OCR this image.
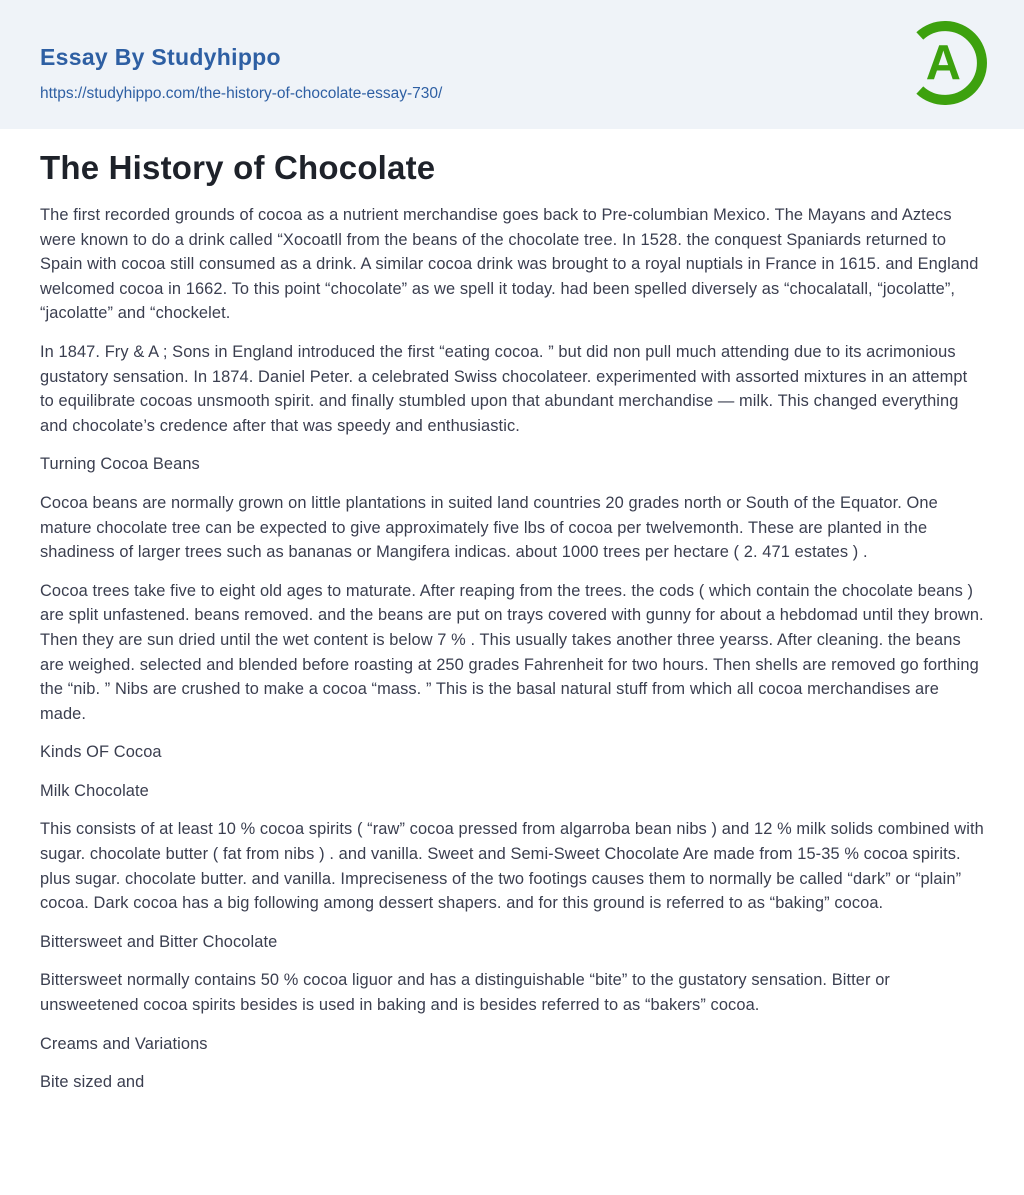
Essay By Studyhippo
https://studyhippo.com/the-history-of-chocolate-essay-730/
A
The History of Chocolate

The first recorded grounds of cocoa as a nutrient merchandise goes back to Pre-columbian Mexico. The Mayans and Aztecs were known to do a drink called “Xocoatll from the beans of the chocolate tree. In 1528. the conquest Spaniards returned to Spain with cocoa still consumed as a drink. A similar cocoa drink was brought to a royal nuptials in France in 1615. and England welcomed cocoa in 1662. To this point “chocolate” as we spell it today. had been spelled diversely as “chocalatall, “jocolatte”, “jacolatte” and “chockelet.

In 1847. Fry & A ; Sons in England introduced the first “eating cocoa. ” but did non pull much attending due to its acrimonious gustatory sensation. In 1874. Daniel Peter. a celebrated Swiss chocolateer. experimented with assorted mixtures in an attempt to equilibrate cocoas unsmooth spirit. and finally stumbled upon that abundant merchandise — milk. This changed everything and chocolate’s credence after that was speedy and enthusiastic.

Turning Cocoa Beans

Cocoa beans are normally grown on little plantations in suited land countries 20 grades north or South of the Equator. One mature chocolate tree can be expected to give approximately five lbs of cocoa per twelvemonth. These are planted in the shadiness of larger trees such as bananas or Mangifera indicas. about 1000 trees per hectare ( 2. 471 estates ) .

Cocoa trees take five to eight old ages to maturate. After reaping from the trees. the cods ( which contain the chocolate beans ) are split unfastened. beans removed. and the beans are put on trays covered with gunny for about a hebdomad until they brown. Then they are sun dried until the wet content is below 7 % . This usually takes another three yearss. After cleaning. the beans are weighed. selected and blended before roasting at 250 grades Fahrenheit for two hours. Then shells are removed go forthing the “nib. ” Nibs are crushed to make a cocoa “mass. ” This is the basal natural stuff from which all cocoa merchandises are made.

Kinds OF Cocoa

Milk Chocolate

This consists of at least 10 % cocoa spirits ( “raw” cocoa pressed from algarroba bean nibs ) and 12 % milk solids combined with sugar. chocolate butter ( fat from nibs ) . and vanilla. Sweet and Semi-Sweet Chocolate Are made from 15-35 % cocoa spirits. plus sugar. chocolate butter. and vanilla. Impreciseness of the two footings causes them to normally be called “dark” or “plain” cocoa. Dark cocoa has a big following among dessert shapers. and for this ground is referred to as “baking” cocoa.

Bittersweet and Bitter Chocolate

Bittersweet normally contains 50 % cocoa liguor and has a distinguishable “bite” to the gustatory sensation. Bitter or unsweetened cocoa spirits besides is used in baking and is besides referred to as “bakers” cocoa.

Creams and Variations

Bite sized and
